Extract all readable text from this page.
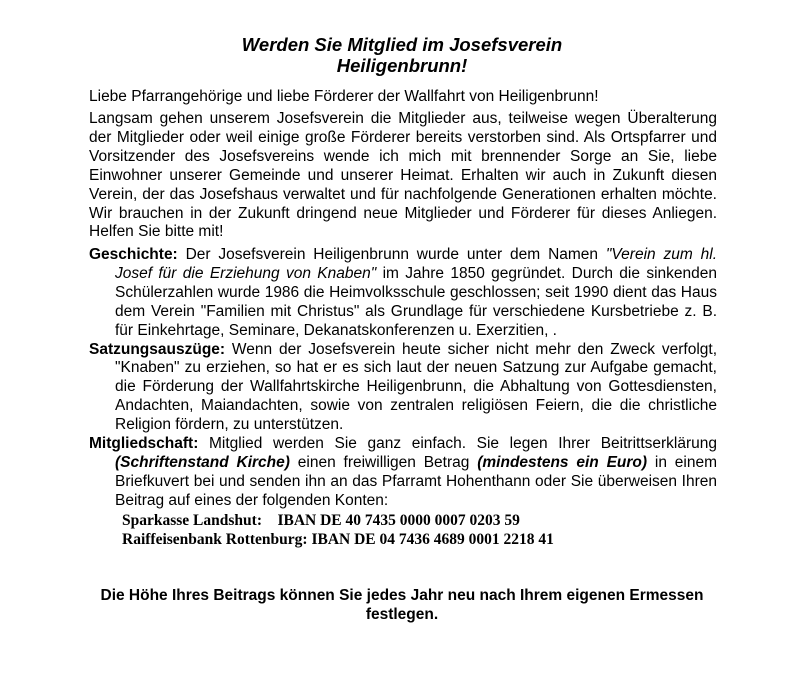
Werden Sie Mitglied im Josefsverein
Heiligenbrunn!
Liebe Pfarrangehörige und liebe Förderer der Wallfahrt von Heiligenbrunn!
Langsam gehen unserem Josefsverein die Mitglieder aus, teilweise wegen Überalterung der Mitglieder oder weil einige große Förderer bereits verstorben sind. Als Ortspfarrer und Vorsitzender des Josefsvereins wende ich mich mit brennender Sorge an Sie, liebe Einwohner unserer Gemeinde und unserer Heimat. Erhalten wir auch in Zukunft diesen Verein, der das Josefshaus verwaltet und für nachfolgende Generationen erhalten möchte. Wir brauchen in der Zukunft dringend neue Mitglieder und Förderer für dieses Anliegen. Helfen Sie bitte mit!

Geschichte: Der Josefsverein Heiligenbrunn wurde unter dem Namen "Verein zum hl. Josef für die Erziehung von Knaben" im Jahre 1850 gegründet. Durch die sinkenden Schülerzahlen wurde 1986 die Heimvolksschule geschlossen; seit 1990 dient das Haus dem Verein "Familien mit Christus" als Grundlage für verschiedene Kursbetriebe z. B. für Einkehrtage, Seminare, Dekanatskonferenzen u. Exerzitien, .

Satzungsauszüge: Wenn der Josefsverein heute sicher nicht mehr den Zweck verfolgt, "Knaben" zu erziehen, so hat er es sich laut der neuen Satzung zur Aufgabe gemacht, die Förderung der Wallfahrtskirche Heiligenbrunn, die Abhaltung von Gottesdiensten, Andachten, Maiandachten, sowie von zentralen religiösen Feiern, die die christliche Religion fördern, zu unterstützen.

Mitgliedschaft: Mitglied werden Sie ganz einfach. Sie legen Ihrer Beitrittserklärung (Schriftenstand Kirche) einen freiwilligen Betrag (mindestens ein Euro) in einem Briefkuvert bei und senden ihn an das Pfarramt Hohenthann oder Sie überweisen Ihren Beitrag auf eines der folgenden Konten:

Sparkasse Landshut:    IBAN DE 40 7435 0000 0007 0203 59
Raiffeisenbank Rottenburg: IBAN DE 04 7436 4689 0001 2218 41
Die Höhe Ihres Beitrags können Sie jedes Jahr neu nach Ihrem eigenen Ermessen
festlegen.
